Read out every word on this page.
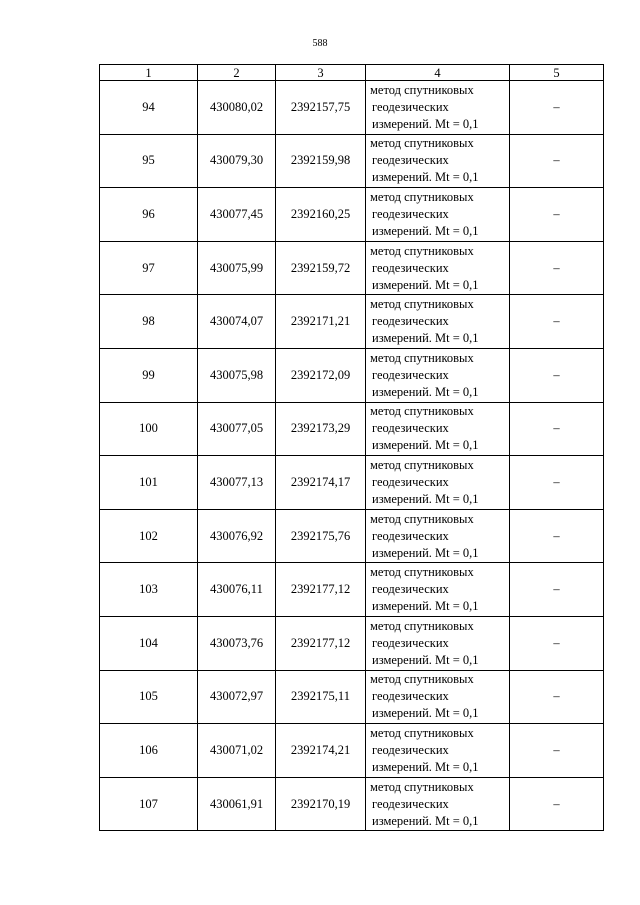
588
1	2	3	4	5
94	430080,02	2392157,75	метод спутниковых
геодезических
измерений. Mt = 0,1	–
95	430079,30	2392159,98	метод спутниковых
геодезических
измерений. Mt = 0,1	–
96	430077,45	2392160,25	метод спутниковых
геодезических
измерений. Mt = 0,1	–
97	430075,99	2392159,72	метод спутниковых
геодезических
измерений. Mt = 0,1	–
98	430074,07	2392171,21	метод спутниковых
геодезических
измерений. Mt = 0,1	–
99	430075,98	2392172,09	метод спутниковых
геодезических
измерений. Mt = 0,1	–
100	430077,05	2392173,29	метод спутниковых
геодезических
измерений. Mt = 0,1	–
101	430077,13	2392174,17	метод спутниковых
геодезических
измерений. Mt = 0,1	–
102	430076,92	2392175,76	метод спутниковых
геодезических
измерений. Mt = 0,1	–
103	430076,11	2392177,12	метод спутниковых
геодезических
измерений. Mt = 0,1	–
104	430073,76	2392177,12	метод спутниковых
геодезических
измерений. Mt = 0,1	–
105	430072,97	2392175,11	метод спутниковых
геодезических
измерений. Mt = 0,1	–
106	430071,02	2392174,21	метод спутниковых
геодезических
измерений. Mt = 0,1	–
107	430061,91	2392170,19	метод спутниковых
геодезических
измерений. Mt = 0,1	–
